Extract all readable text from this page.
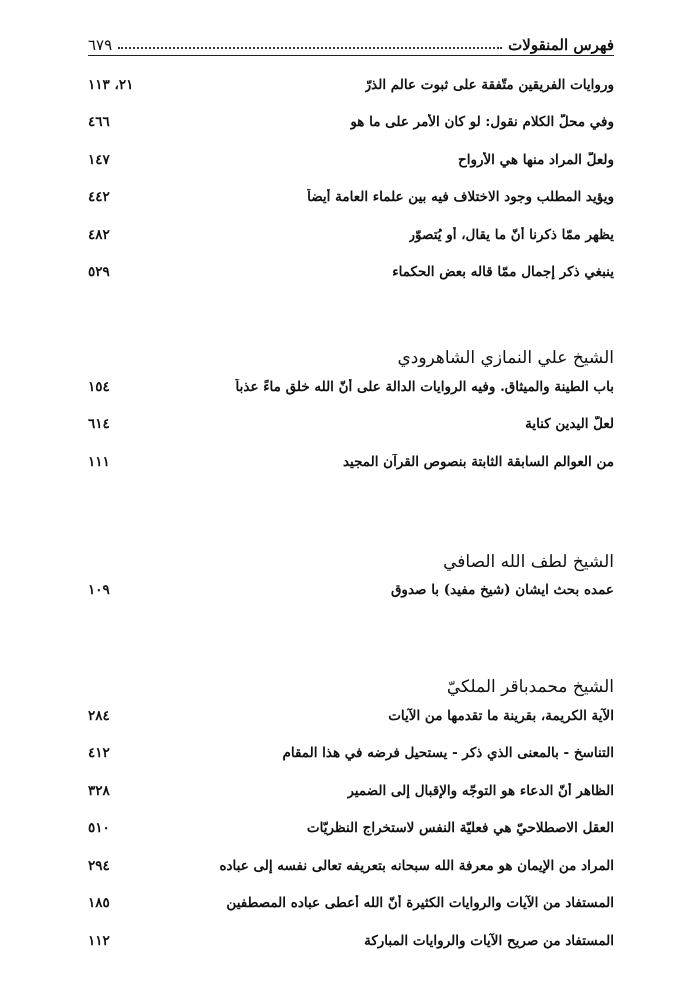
فهرس المنقولات
٦٧٩
وروايات الفريقين متّفقة على ثبوت عالم الذرّ
٢١، ١١٣
وفي محلّ الكلام نقول: لو كان الأمر على ما هو
٤٦٦
ولعلّ المراد منها هي الأرواح
١٤٧
ويؤيد المطلب وجود الاختلاف فيه بين علماء العامة أيضاً
٤٤٢
يظهر ممّا ذكرنا أنّ ما يقال، أو يُتصوّر
٤٨٢
ينبغي ذكر إجمال ممّا قاله بعض الحكماء
٥٢٩
الشيخ علي النمازي الشاهرودي
باب الطينة والميثاق. وفيه الروايات الدالة على أنّ الله خلق ماءً عذباً
١٥٤
لعلّ اليدين كناية
٦١٤
من العوالم السابقة الثابتة بنصوص القرآن المجيد
١١١
الشيخ لطف الله الصافي
عمده بحث ايشان (شيخ مفيد) با صدوق
١٠٩
الشيخ محمدباقر الملكيّ
الآية الكريمة، بقرينة ما تقدمها من الآيات
٢٨٤
التناسخ - بالمعنى الذي ذكر - يستحيل فرضه في هذا المقام
٤١٢
الظاهر أنّ الدعاء هو التوجّه والإقبال إلى الضمير
٣٢٨
العقل الاصطلاحيّ هي فعليّة النفس لاستخراج النظريّات
٥١٠
المراد من الإيمان هو معرفة الله سبحانه بتعريفه تعالى نفسه إلى عباده
٢٩٤
المستفاد من الآيات والروايات الكثيرة أنّ الله أعطى عباده المصطفين
١٨٥
المستفاد من صريح الآيات والروايات المباركة
١١٢
